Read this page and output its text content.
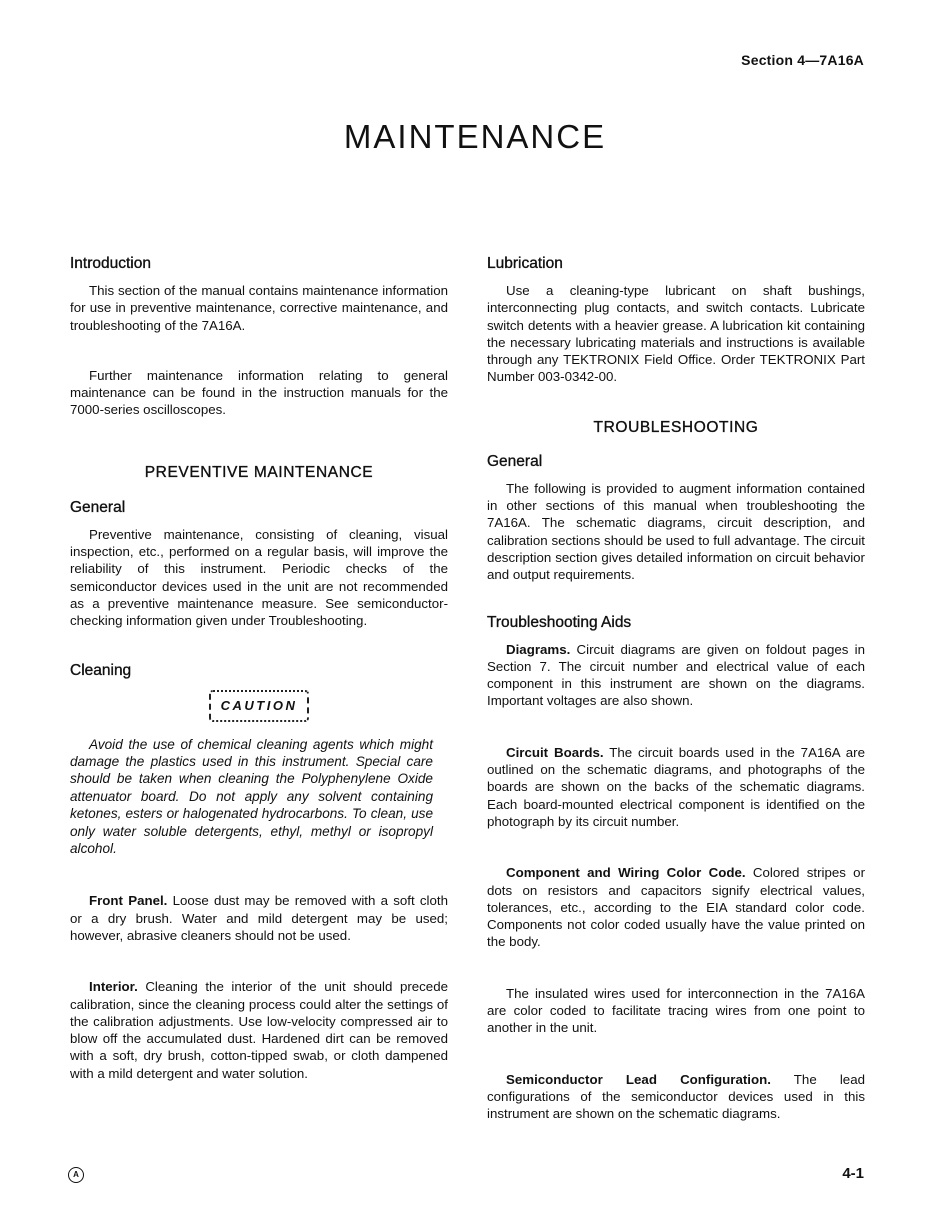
Section 4—7A16A
MAINTENANCE
Introduction

This section of the manual contains maintenance information for use in preventive maintenance, corrective maintenance, and troubleshooting of the 7A16A.

Further maintenance information relating to general maintenance can be found in the instruction manuals for the 7000-series oscilloscopes.

PREVENTIVE MAINTENANCE
General

Preventive maintenance, consisting of cleaning, visual inspection, etc., performed on a regular basis, will improve the reliability of this instrument. Periodic checks of the semiconductor devices used in the unit are not recommended as a preventive maintenance measure. See semiconductor-checking information given under Troubleshooting.

Cleaning
CAUTION

Avoid the use of chemical cleaning agents which might damage the plastics used in this instrument. Special care should be taken when cleaning the Polyphenylene Oxide attenuator board. Do not apply any solvent containing ketones, esters or halogenated hydrocarbons. To clean, use only water soluble detergents, ethyl, methyl or isopropyl alcohol.

Front Panel. Loose dust may be removed with a soft cloth or a dry brush. Water and mild detergent may be used; however, abrasive cleaners should not be used.

Interior. Cleaning the interior of the unit should precede calibration, since the cleaning process could alter the settings of the calibration adjustments. Use low-velocity compressed air to blow off the accumulated dust. Hardened dirt can be removed with a soft, dry brush, cotton-tipped swab, or cloth dampened with a mild detergent and water solution.

Lubrication

Use a cleaning-type lubricant on shaft bushings, interconnecting plug contacts, and switch contacts. Lubricate switch detents with a heavier grease. A lubrication kit containing the necessary lubricating materials and instructions is available through any TEKTRONIX Field Office. Order TEKTRONIX Part Number 003-0342-00.

TROUBLESHOOTING
General

The following is provided to augment information contained in other sections of this manual when troubleshooting the 7A16A. The schematic diagrams, circuit description, and calibration sections should be used to full advantage. The circuit description section gives detailed information on circuit behavior and output requirements.

Troubleshooting Aids

Diagrams. Circuit diagrams are given on foldout pages in Section 7. The circuit number and electrical value of each component in this instrument are shown on the diagrams. Important voltages are also shown.

Circuit Boards. The circuit boards used in the 7A16A are outlined on the schematic diagrams, and photographs of the boards are shown on the backs of the schematic diagrams. Each board-mounted electrical component is identified on the photograph by its circuit number.

Component and Wiring Color Code. Colored stripes or dots on resistors and capacitors signify electrical values, tolerances, etc., according to the EIA standard color code. Components not color coded usually have the value printed on the body.

The insulated wires used for interconnection in the 7A16A are color coded to facilitate tracing wires from one point to another in the unit.

Semiconductor Lead Configuration. The lead configurations of the semiconductor devices used in this instrument are shown on the schematic diagrams.

A	4-1
